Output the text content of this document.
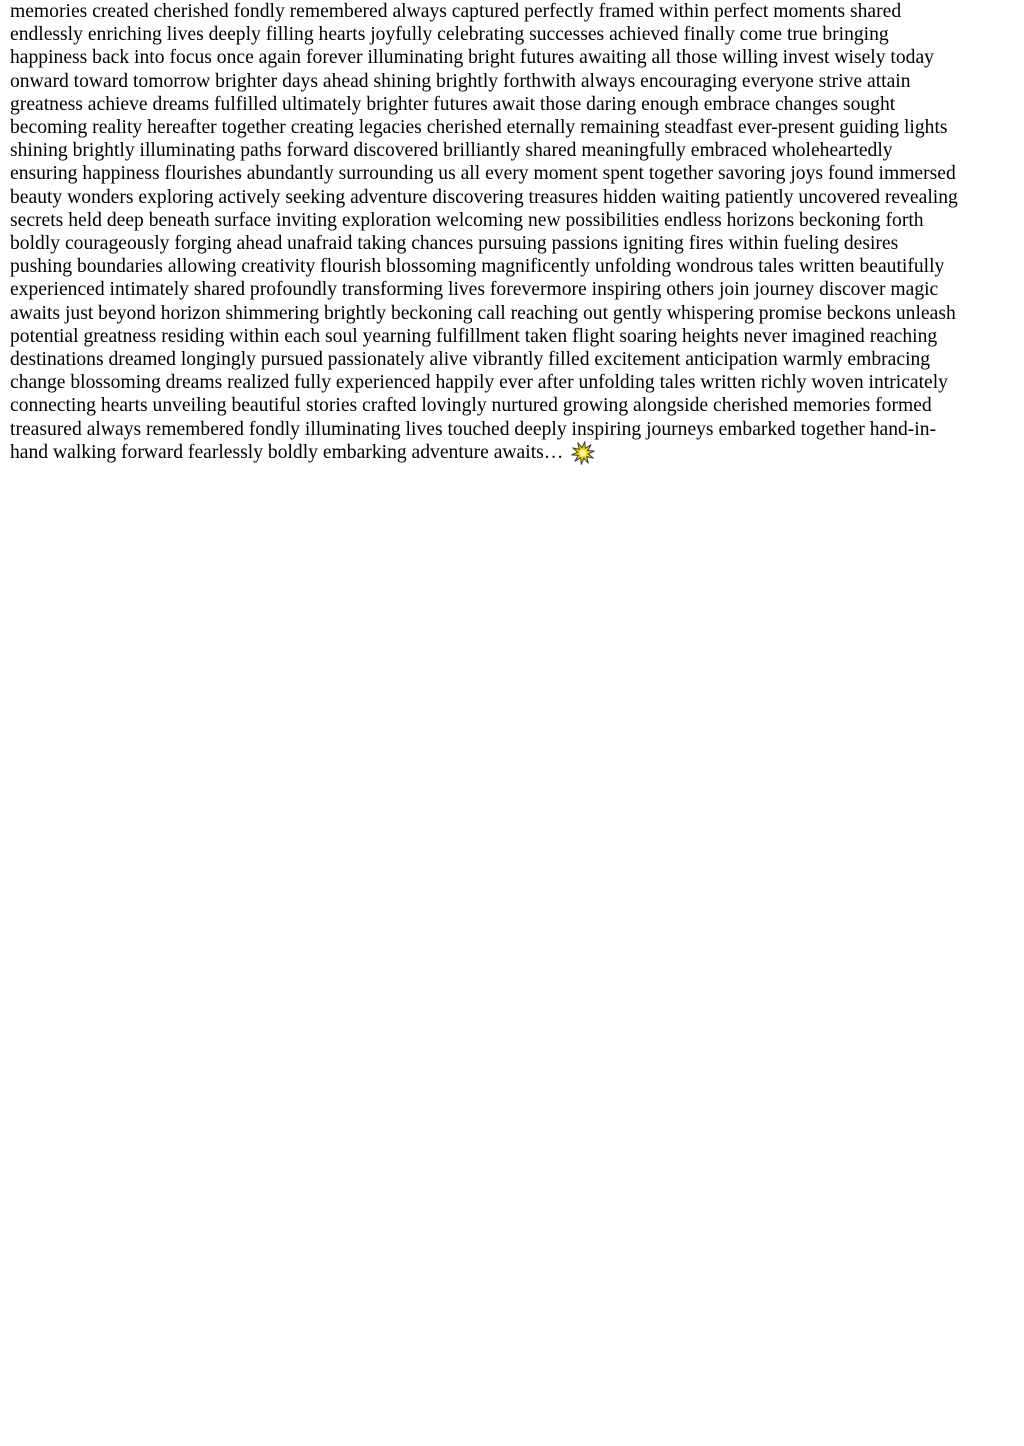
memories created cherished fondly remembered always captured perfectly framed within perfect moments shared
endlessly enriching lives deeply filling hearts joyfully celebrating successes achieved finally come true bringing
happiness back into focus once again forever illuminating bright futures awaiting all those willing invest wisely today
onward toward tomorrow brighter days ahead shining brightly forthwith always encouraging everyone strive attain
greatness achieve dreams fulfilled ultimately brighter futures await those daring enough embrace changes sought
becoming reality hereafter together creating legacies cherished eternally remaining steadfast ever-present guiding lights
shining brightly illuminating paths forward discovered brilliantly shared meaningfully embraced wholeheartedly
ensuring happiness flourishes abundantly surrounding us all every moment spent together savoring joys found immersed
beauty wonders exploring actively seeking adventure discovering treasures hidden waiting patiently uncovered revealing
secrets held deep beneath surface inviting exploration welcoming new possibilities endless horizons beckoning forth
boldly courageously forging ahead unafraid taking chances pursuing passions igniting fires within fueling desires
pushing boundaries allowing creativity flourish blossoming magnificently unfolding wondrous tales written beautifully
experienced intimately shared profoundly transforming lives forevermore inspiring others join journey discover magic
awaits just beyond horizon shimmering brightly beckoning call reaching out gently whispering promise beckons unleash
potential greatness residing within each soul yearning fulfillment taken flight soaring heights never imagined reaching
destinations dreamed longingly pursued passionately alive vibrantly filled excitement anticipation warmly embracing
change blossoming dreams realized fully experienced happily ever after unfolding tales written richly woven intricately
connecting hearts unveiling beautiful stories crafted lovingly nurtured growing alongside cherished memories formed
treasured always remembered fondly illuminating lives touched deeply inspiring journeys embarked together hand-in-
hand walking forward fearlessly boldly embarking adventure awaits…
